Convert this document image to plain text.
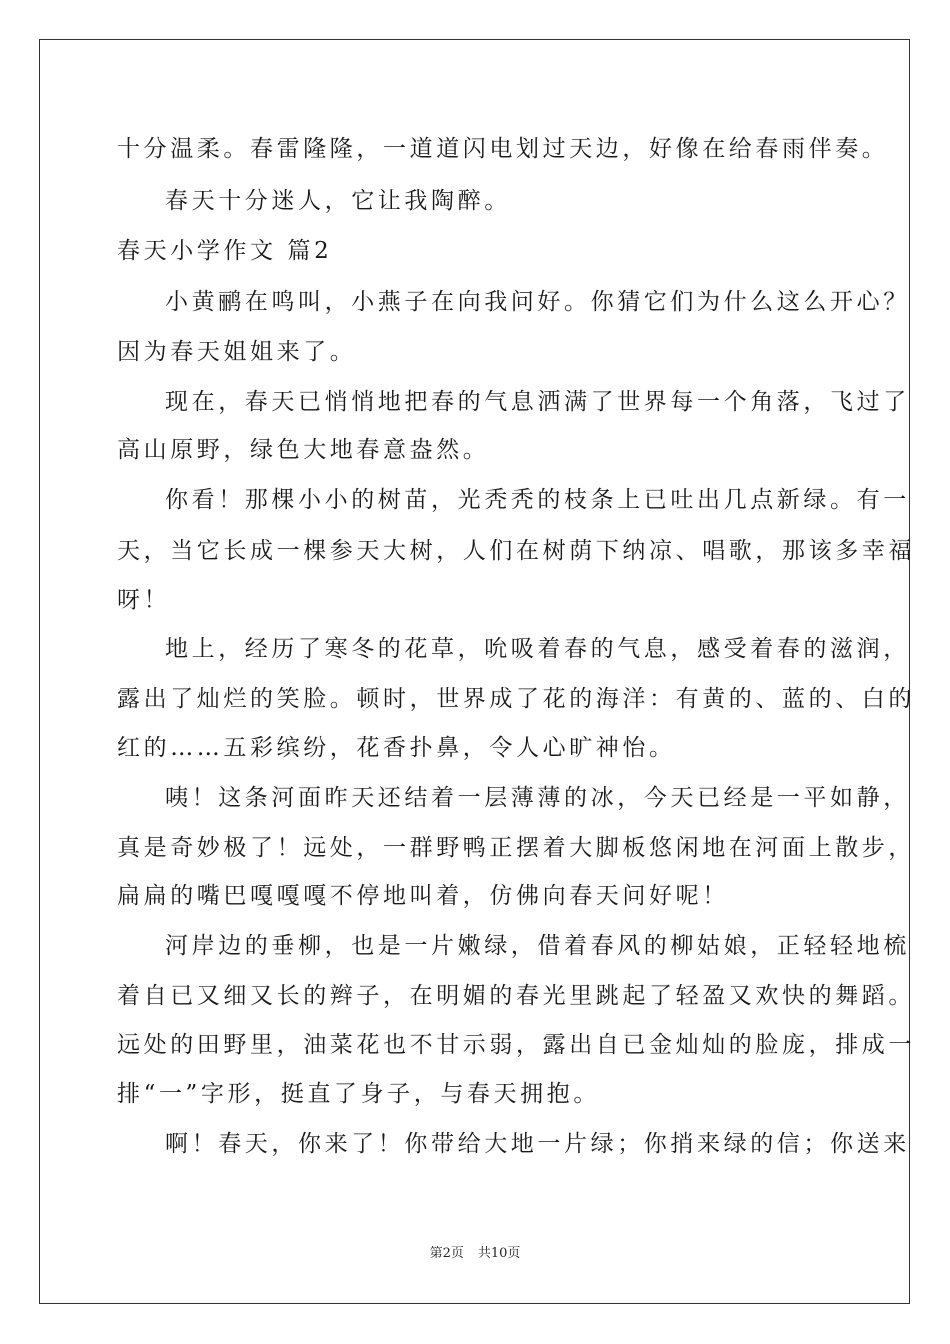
十分温柔。春雷隆隆，一道道闪电划过天边，好像在给春雨伴奏。
春天十分迷人，它让我陶醉。
春天小学作文 篇2
小黄鹂在鸣叫，小燕子在向我问好。你猜它们为什么这么开心？
因为春天姐姐来了。
现在，春天已悄悄地把春的气息洒满了世界每一个角落，飞过了
高山原野，绿色大地春意盎然。
你看！那棵小小的树苗，光秃秃的枝条上已吐出几点新绿。有一
天，当它长成一棵参天大树，人们在树荫下纳凉、唱歌，那该多幸福
呀！
地上，经历了寒冬的花草，吮吸着春的气息，感受着春的滋润，
露出了灿烂的笑脸。顿时，世界成了花的海洋：有黄的、蓝的、白的
红的……五彩缤纷，花香扑鼻，令人心旷神怡。
咦！这条河面昨天还结着一层薄薄的冰，今天已经是一平如静，
真是奇妙极了！远处，一群野鸭正摆着大脚板悠闲地在河面上散步，
扁扁的嘴巴嘎嘎嘎不停地叫着，仿佛向春天问好呢！
河岸边的垂柳，也是一片嫩绿，借着春风的柳姑娘，正轻轻地梳
着自已又细又长的辫子，在明媚的春光里跳起了轻盈又欢快的舞蹈。
远处的田野里，油菜花也不甘示弱，露出自已金灿灿的脸庞，排成一
排“一”字形，挺直了身子，与春天拥抱。
啊！春天，你来了！你带给大地一片绿；你捎来绿的信；你送来
第2页 共10页
